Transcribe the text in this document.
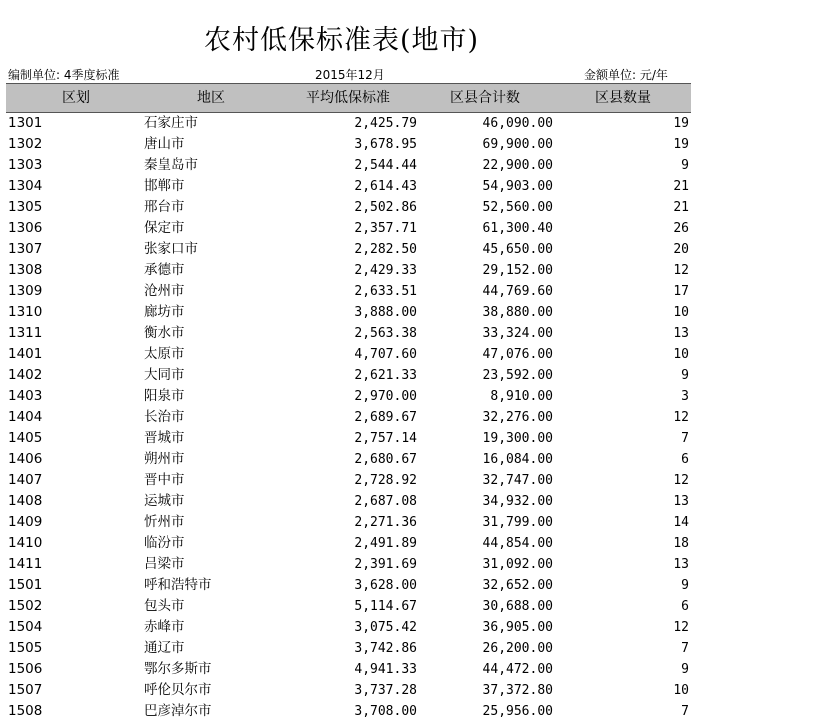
农村低保标准表(地市)
编制单位: 4季度标准	2015年12月	金额单位: 元/年
区划	地区	平均低保标准	区县合计数	区县数量
1301	石家庄市	2,425.79	46,090.00	19
1302	唐山市	3,678.95	69,900.00	19
1303	秦皇岛市	2,544.44	22,900.00	9
1304	邯郸市	2,614.43	54,903.00	21
1305	邢台市	2,502.86	52,560.00	21
1306	保定市	2,357.71	61,300.40	26
1307	张家口市	2,282.50	45,650.00	20
1308	承德市	2,429.33	29,152.00	12
1309	沧州市	2,633.51	44,769.60	17
1310	廊坊市	3,888.00	38,880.00	10
1311	衡水市	2,563.38	33,324.00	13
1401	太原市	4,707.60	47,076.00	10
1402	大同市	2,621.33	23,592.00	9
1403	阳泉市	2,970.00	8,910.00	3
1404	长治市	2,689.67	32,276.00	12
1405	晋城市	2,757.14	19,300.00	7
1406	朔州市	2,680.67	16,084.00	6
1407	晋中市	2,728.92	32,747.00	12
1408	运城市	2,687.08	34,932.00	13
1409	忻州市	2,271.36	31,799.00	14
1410	临汾市	2,491.89	44,854.00	18
1411	吕梁市	2,391.69	31,092.00	13
1501	呼和浩特市	3,628.00	32,652.00	9
1502	包头市	5,114.67	30,688.00	6
1504	赤峰市	3,075.42	36,905.00	12
1505	通辽市	3,742.86	26,200.00	7
1506	鄂尔多斯市	4,941.33	44,472.00	9
1507	呼伦贝尔市	3,737.28	37,372.80	10
1508	巴彦淖尔市	3,708.00	25,956.00	7
